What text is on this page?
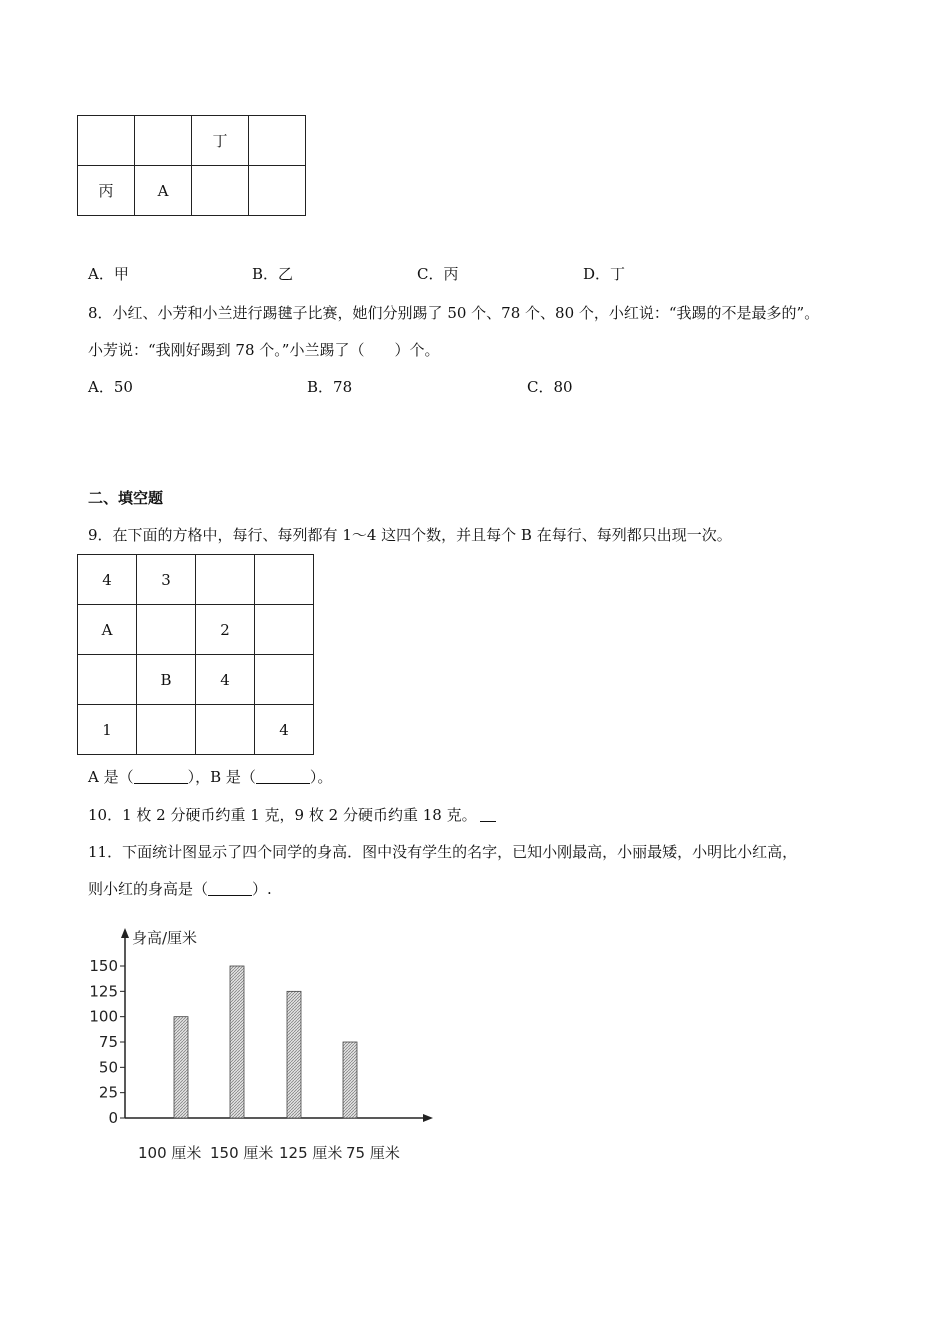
		丁	
丙	A		
A．甲	B．乙	C．丙	D．丁
8．小红、小芳和小兰进行踢毽子比赛，她们分别踢了 50 个、78 个、80 个，小红说：“我踢的不是最多的”。
小芳说：“我刚好踢到 78 个。”小兰踢了（　　）个。
A．50	B．78	C．80
二、填空题
9．在下面的方格中，每行、每列都有 1～4 这四个数，并且每个 B 在每行、每列都只出现一次。
4	3		
A		2	
	B	4	
1			4
A 是（	），B 是（	）。
10．1 枚 2 分硬币约重 1 克，9 枚 2 分硬币约重 18 克。
11．下面统计图显示了四个同学的身高．图中没有学生的名字，已知小刚最高，小丽最矮，小明比小红高，
则小红的身高是（	）.
身高/厘米
0
25
50
75
100
125
150
100 厘米 150 厘米 125 厘米 75 厘米
